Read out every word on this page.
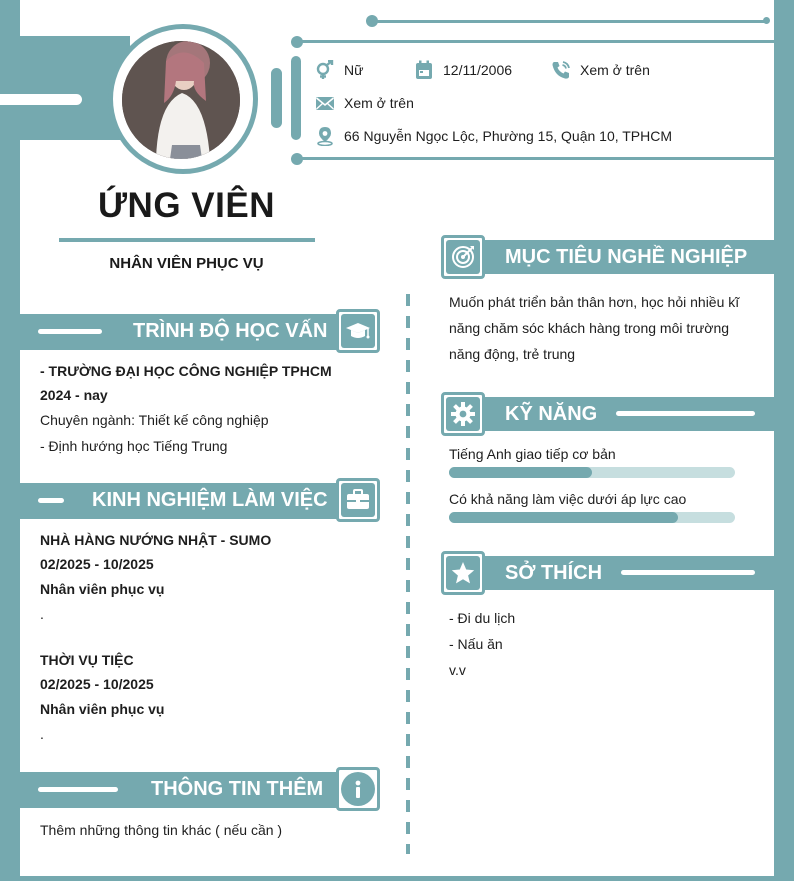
Nữ	12/11/2006	Xem ở trên
Xem ở trên
66 Nguyễn Ngọc Lộc, Phường 15, Quận 10, TPHCM
ỨNG VIÊN
NHÂN VIÊN PHỤC VỤ
TRÌNH ĐỘ HỌC VẤN
- TRƯỜNG ĐẠI HỌC CÔNG NGHIỆP TPHCM
2024 - nay
Chuyên ngành: Thiết kế công nghiệp
- Định hướng học Tiếng Trung
KINH NGHIỆM LÀM VIỆC
NHÀ HÀNG NƯỚNG NHẬT - SUMO
02/2025 - 10/2025
Nhân viên phục vụ
.
THỜI VỤ TIỆC
02/2025 - 10/2025
Nhân viên phục vụ
.
THÔNG TIN THÊM
Thêm những thông tin khác ( nếu cần )
MỤC TIÊU NGHỀ NGHIỆP
Muốn phát triển bản thân hơn, học hỏi nhiều kĩ
năng chăm sóc khách hàng trong môi trường
năng động, trẻ trung
KỸ NĂNG
Tiếng Anh giao tiếp cơ bản
Có khả năng làm việc dưới áp lực cao
SỞ THÍCH
- Đi du lịch
- Nấu ăn
v.v
